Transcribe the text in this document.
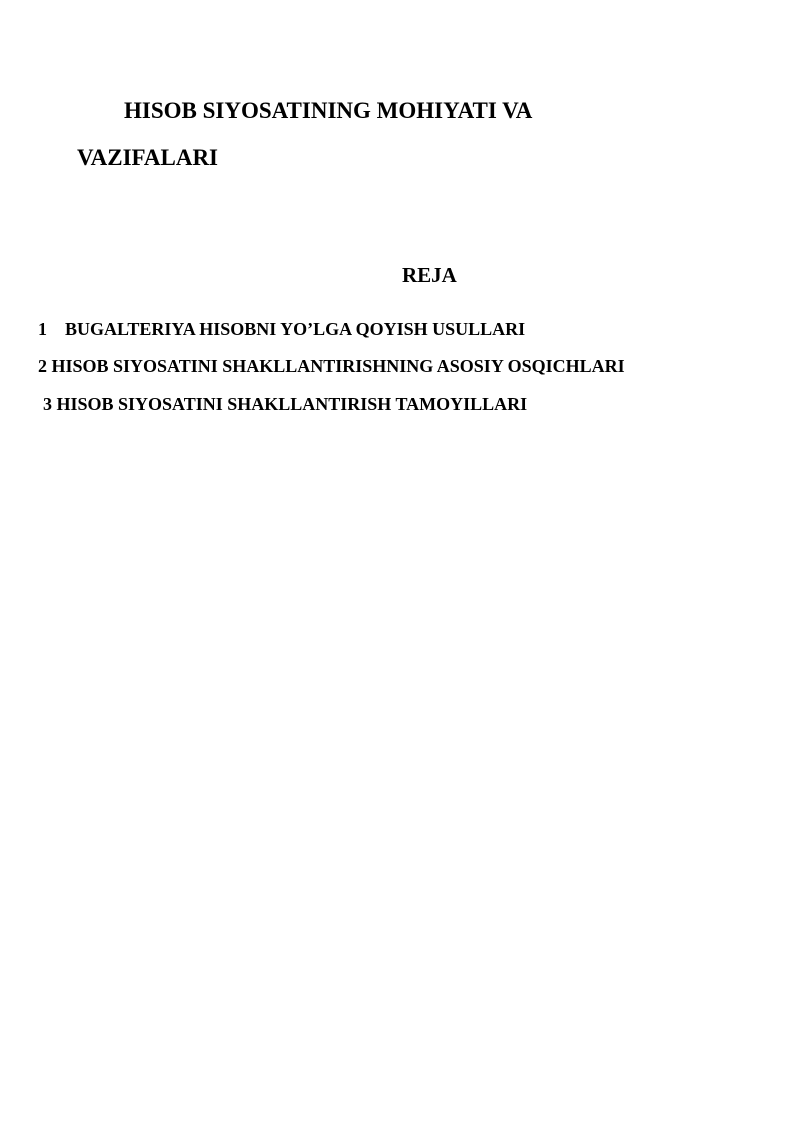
HISOB SIYOSATINING MOHIYATI VA
VAZIFALARI
REJA
1 BUGALTERIYA HISOBNI YO’LGA QOYISH USULLARI
2 HISOB SIYOSATINI SHAKLLANTIRISHNING ASOSIY OSQICHLARI
3 HISOB SIYOSATINI SHAKLLANTIRISH TAMOYILLARI
